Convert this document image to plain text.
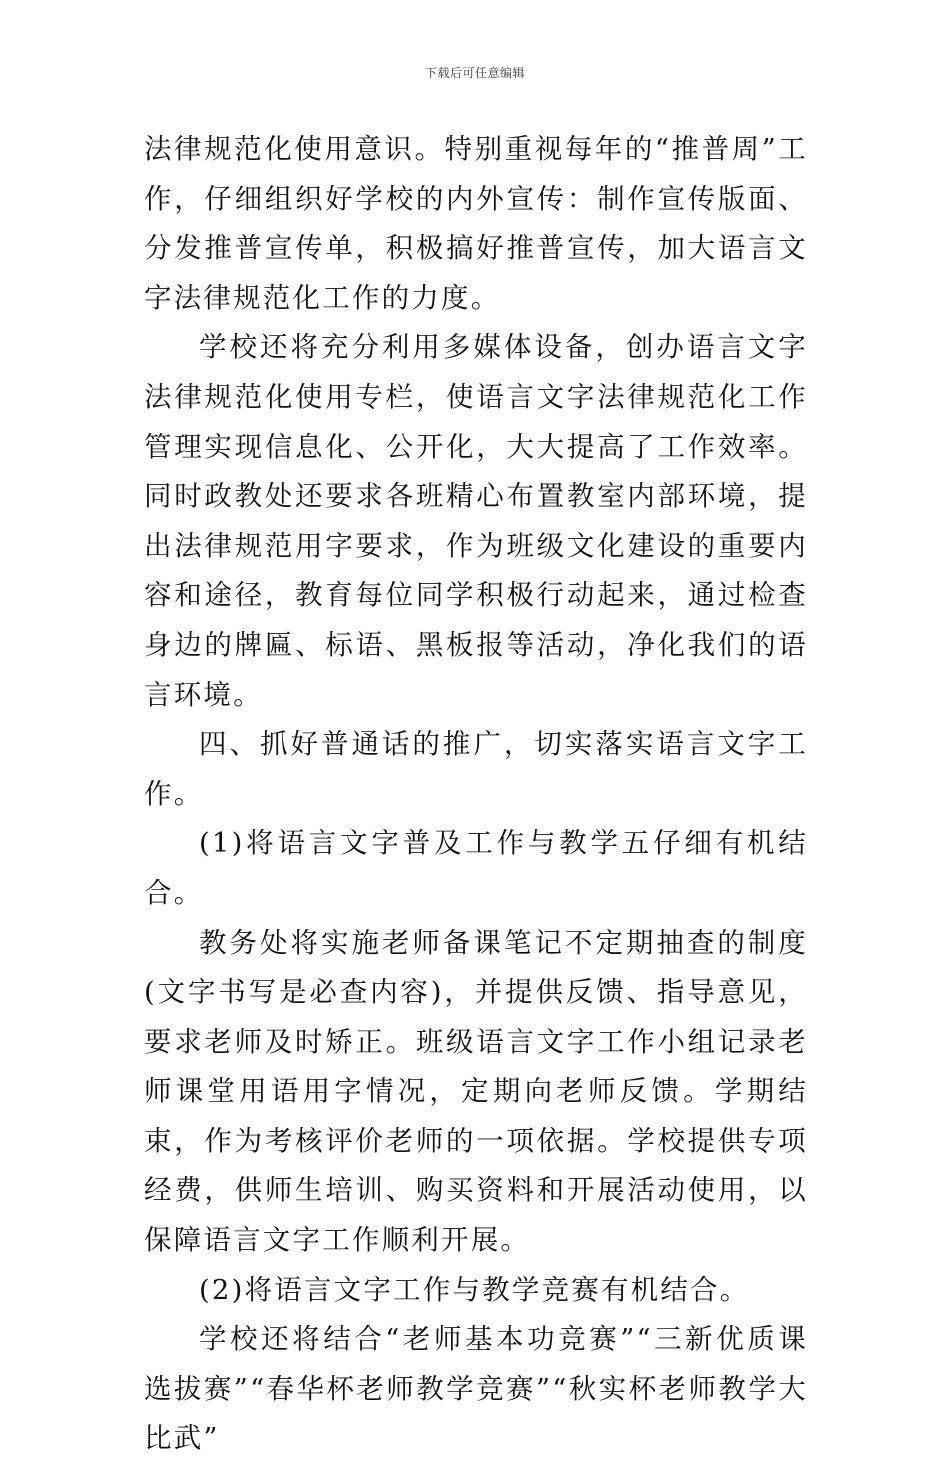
下载后可任意编辑

法律规范化使用意识。特别重视每年的“推普周”工作，仔细组织好学校的内外宣传：制作宣传版面、分发推普宣传单，积极搞好推普宣传，加大语言文字法律规范化工作的力度。

学校还将充分利用多媒体设备，创办语言文字法律规范化使用专栏，使语言文字法律规范化工作管理实现信息化、公开化，大大提高了工作效率。同时政教处还要求各班精心布置教室内部环境，提出法律规范用字要求，作为班级文化建设的重要内容和途径，教育每位同学积极行动起来，通过检查身边的牌匾、标语、黑板报等活动，净化我们的语言环境。

四、抓好普通话的推广，切实落实语言文字工作。

(1)将语言文字普及工作与教学五仔细有机结合。

教务处将实施老师备课笔记不定期抽查的制度(文字书写是必查内容)，并提供反馈、指导意见，要求老师及时矫正。班级语言文字工作小组记录老师课堂用语用字情况，定期向老师反馈。学期结束，作为考核评价老师的一项依据。学校提供专项经费，供师生培训、购买资料和开展活动使用，以保障语言文字工作顺利开展。

(2)将语言文字工作与教学竞赛有机结合。

学校还将结合“老师基本功竞赛”“三新优质课选拔赛”“春华杯老师教学竞赛”“秋实杯老师教学大比武”
